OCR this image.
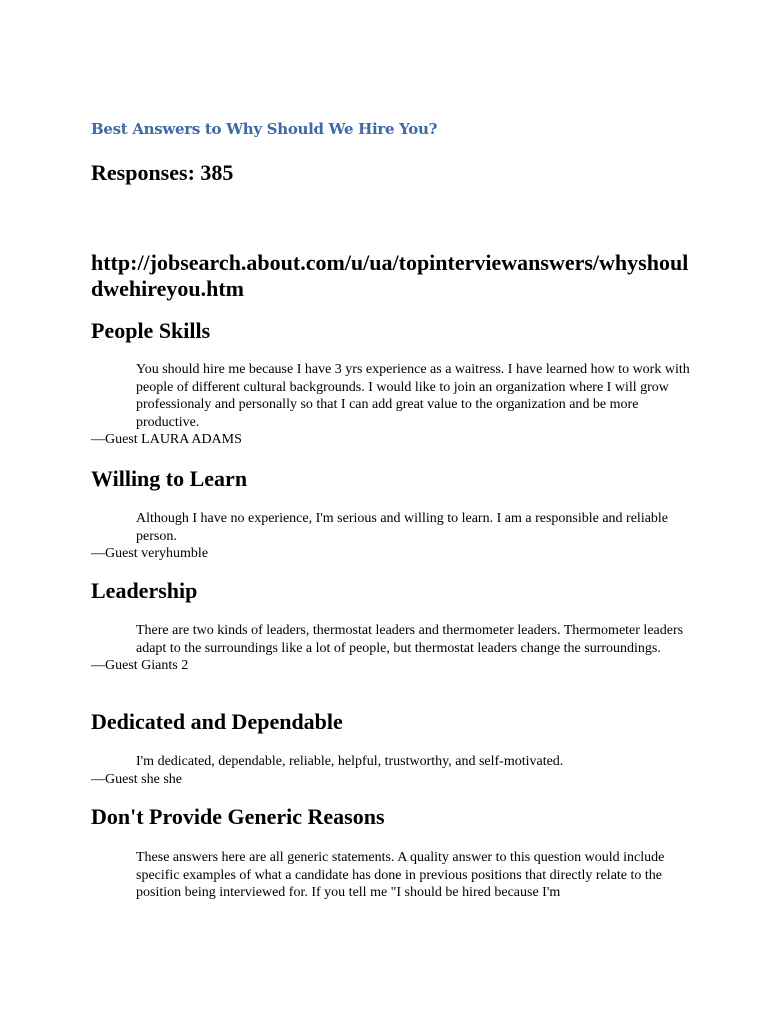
Best Answers to Why Should We Hire You?
Responses: 385
http://jobsearch.about.com/u/ua/topinterviewanswers/whyshouldwehireyou.htm
People Skills

You should hire me because I have 3 yrs experience as a waitress. I have learned how to work with people of different cultural backgrounds. I would like to join an organization where I will grow professionaly and personally so that I can add great value to the organization and be more productive.

—Guest LAURA ADAMS

Willing to Learn

Although I have no experience, I'm serious and willing to learn. I am a responsible and reliable person.

—Guest veryhumble

Leadership

There are two kinds of leaders, thermostat leaders and thermometer leaders. Thermometer leaders adapt to the surroundings like a lot of people, but thermostat leaders change the surroundings.

—Guest Giants 2

Dedicated and Dependable

I'm dedicated, dependable, reliable, helpful, trustworthy, and self-motivated.

—Guest she she

Don't Provide Generic Reasons

These answers here are all generic statements. A quality answer to this question would include specific examples of what a candidate has done in previous positions that directly relate to the position being interviewed for. If you tell me "I should be hired because I'm
